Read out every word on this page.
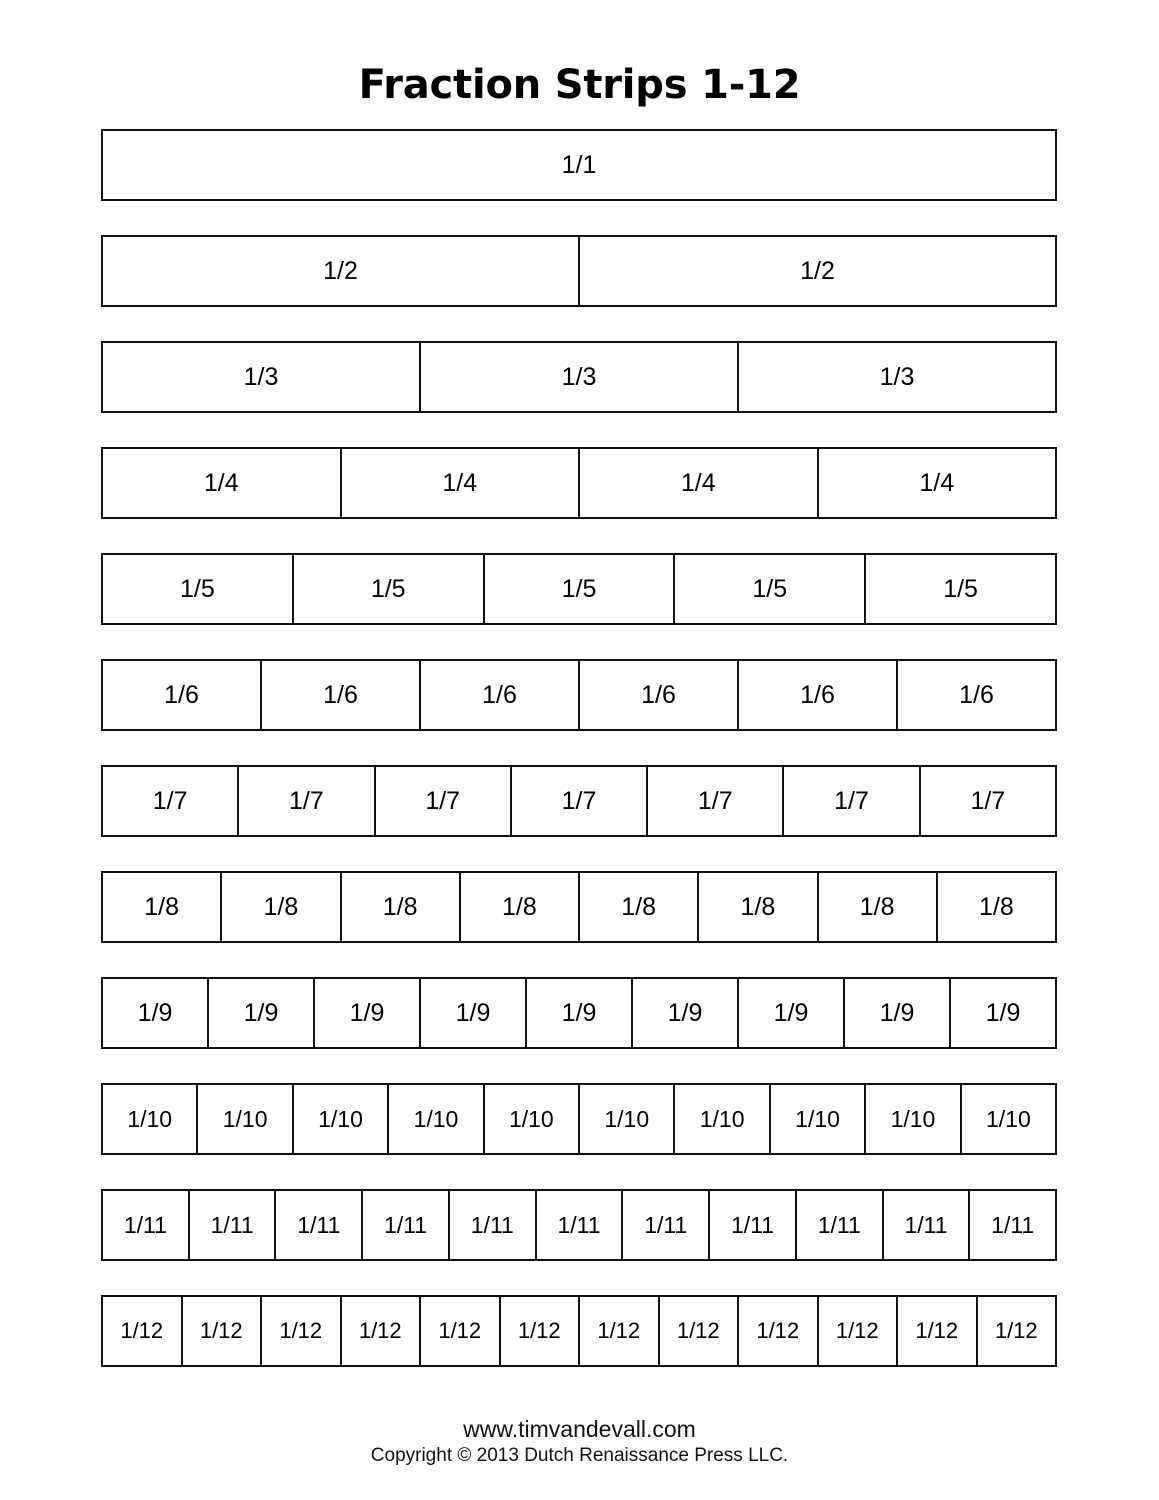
Fraction Strips 1-12
1/1
1/2	1/2
1/3	1/3	1/3
1/4	1/4	1/4	1/4
1/5	1/5	1/5	1/5	1/5
1/6	1/6	1/6	1/6	1/6	1/6
1/7	1/7	1/7	1/7	1/7	1/7	1/7
1/8	1/8	1/8	1/8	1/8	1/8	1/8	1/8
1/9	1/9	1/9	1/9	1/9	1/9	1/9	1/9	1/9
1/10	1/10	1/10	1/10	1/10	1/10	1/10	1/10	1/10	1/10
1/11	1/11	1/11	1/11	1/11	1/11	1/11	1/11	1/11	1/11	1/11
1/12	1/12	1/12	1/12	1/12	1/12	1/12	1/12	1/12	1/12	1/12	1/12
www.timvandevall.com
Copyright © 2013 Dutch Renaissance Press LLC.
